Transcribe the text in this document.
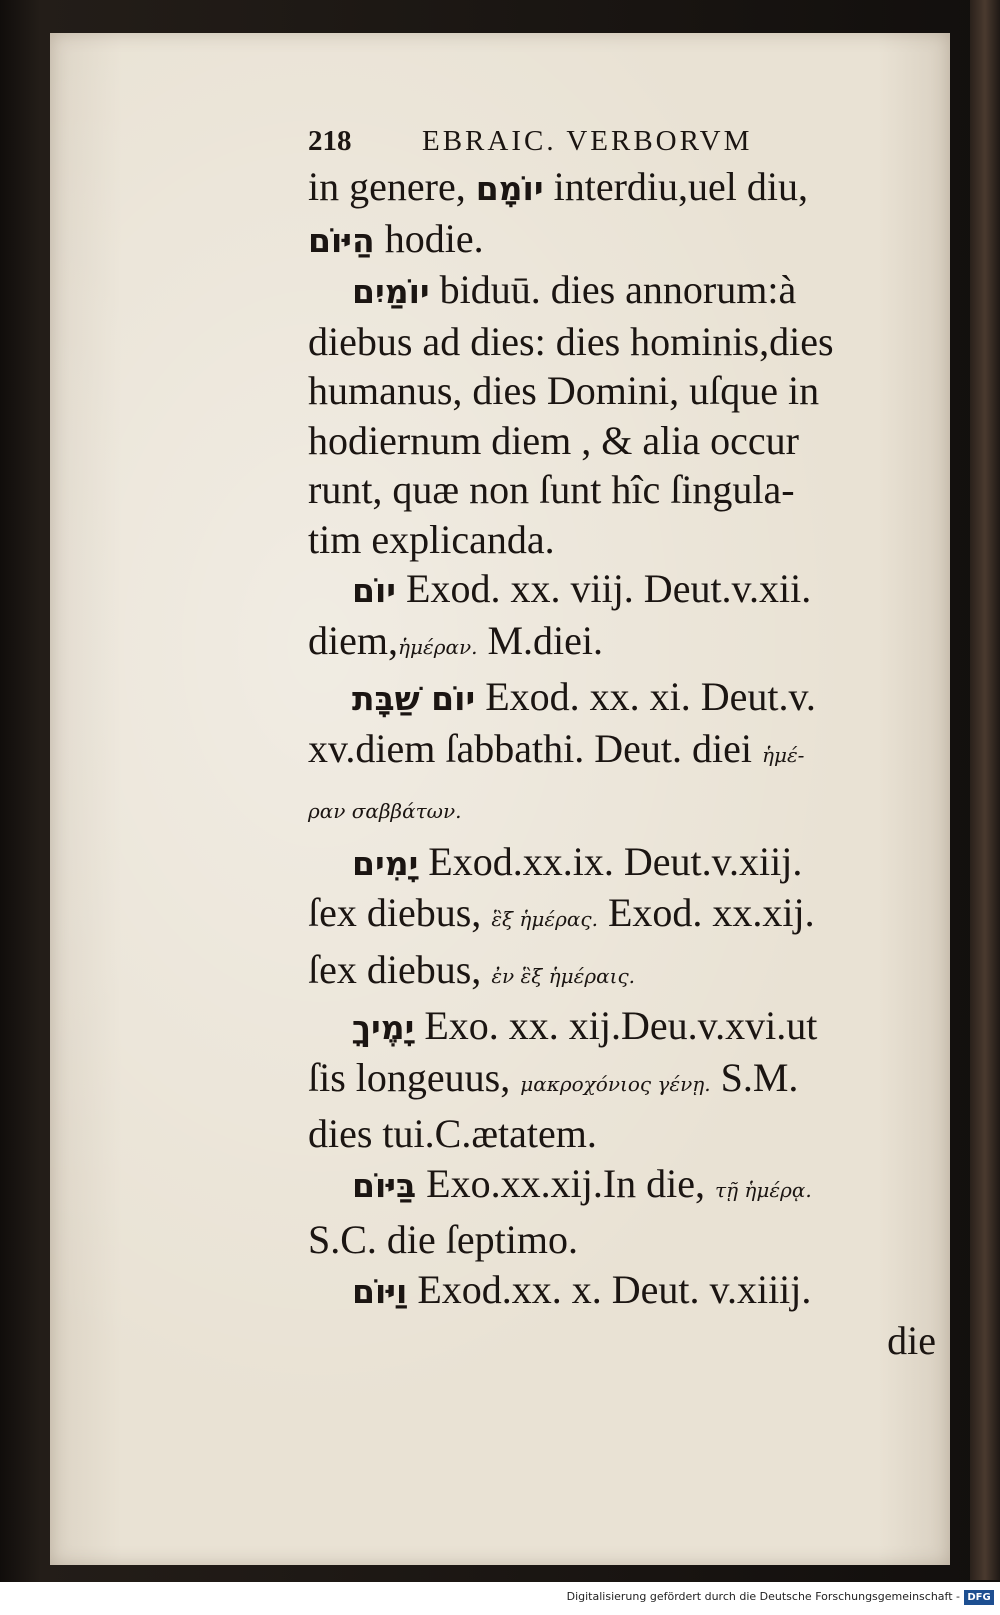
218 EBRAIC. VERBORVM
in genere, יוֹמָם interdiu,uel diu,
הַיּוֹם hodie.
יוֹמַיִם biduū. dies annorum:à
diebus ad dies: dies hominis,dies
humanus, dies Domini, uſque in
hodiernum diem , & alia occur
runt, quæ non ſunt hîc ſingula-
tim explicanda.
יוֹם Exod. xx. viij. Deut.v.xii.
diem,ἡμέραν. M.diei.
יוֹם שַׁבָּת Exod. xx. xi. Deut.v.
xv.diem ſabbathi. Deut. diei ἡμέ-
ραν σαββάτων.
יָמִים Exod.xx.ix. Deut.v.xiij.
ſex diebus, ἓξ ἡμέρας. Exod. xx.xij.
ſex diebus, ἐν ἓξ ἡμέραις.
יָמֶיךָ Exo. xx. xij.Deu.v.xvi.ut
ſis longeuus, μακροχόνιος γένῃ. S.M.
dies tui.C.ætatem.
בַּיּוֹם Exo.xx.xij.In die, τῇ ἡμέρᾳ.
S.C. die ſeptimo.
וַיּוֹם Exod.xx. x. Deut. v.xiiij.
die
Digitalisierung gefördert durch die Deutsche Forschungsgemeinschaft - DFG
